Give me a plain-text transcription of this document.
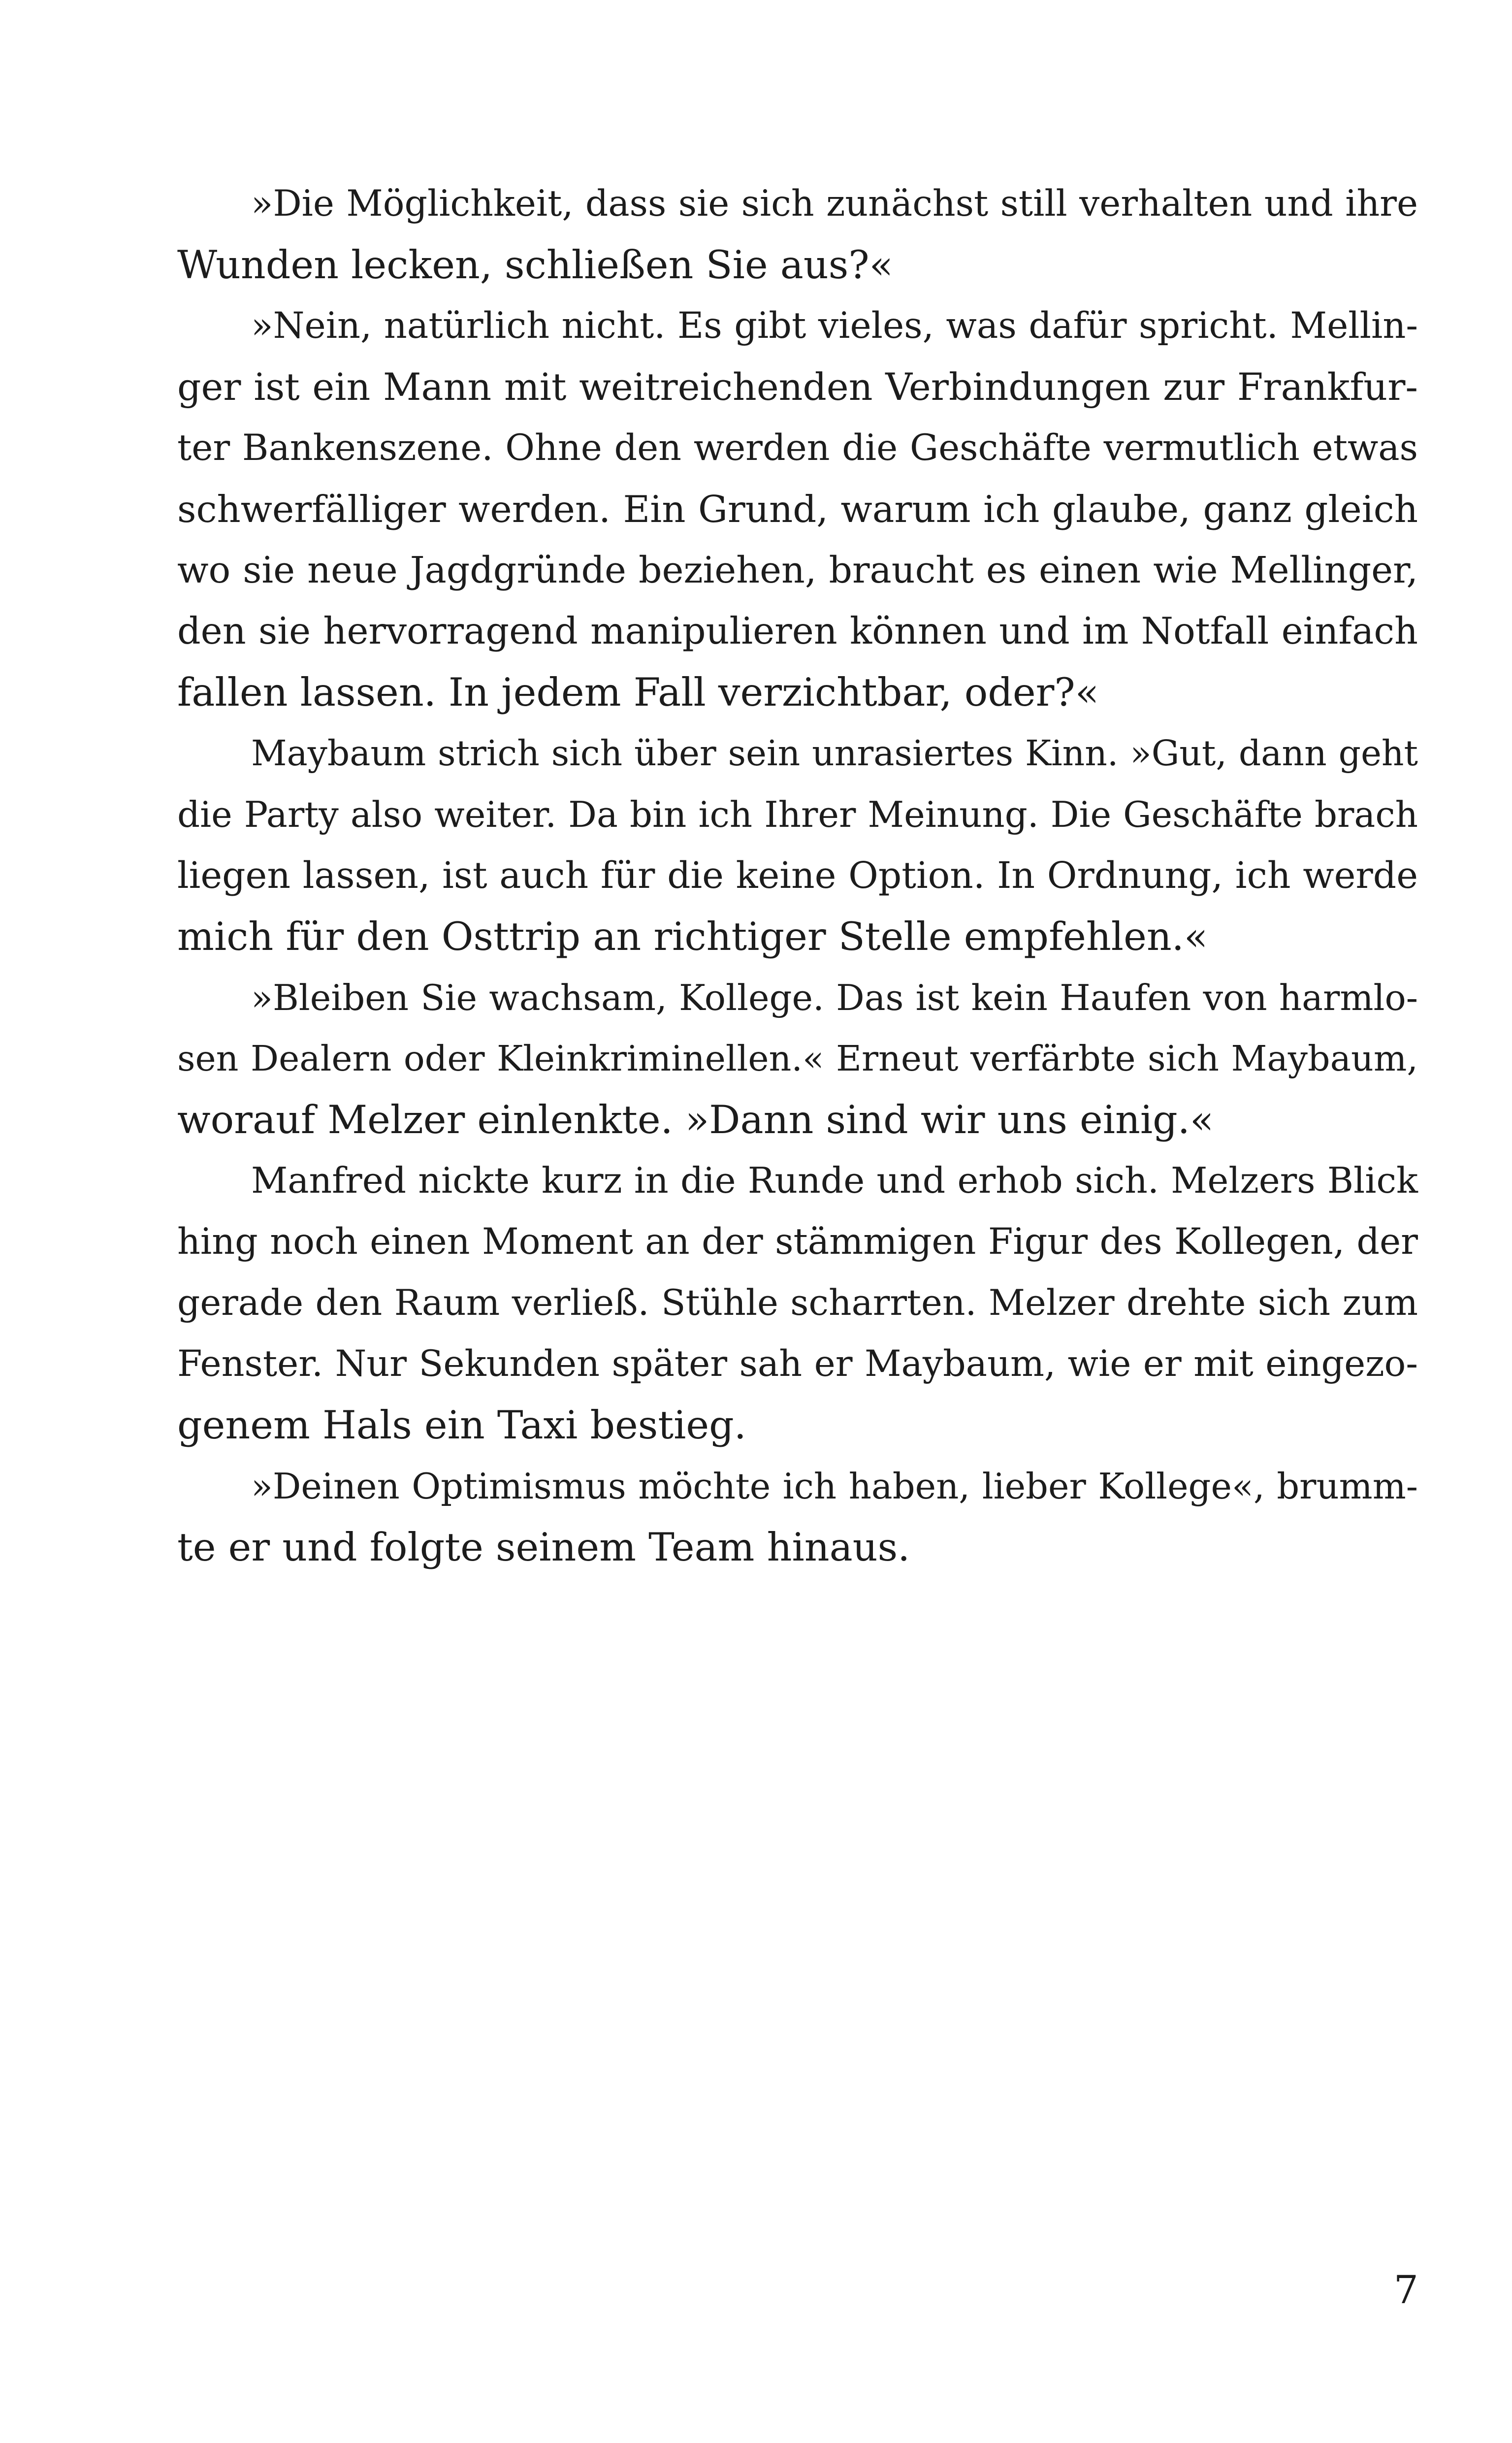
»Die Möglichkeit, dass sie sich zunächst still verhalten und ihre
Wunden lecken, schließen Sie aus?«
»Nein, natürlich nicht. Es gibt vieles, was dafür spricht. Mellin-
ger ist ein Mann mit weitreichenden Verbindungen zur Frankfur-
ter Bankenszene. Ohne den werden die Geschäfte vermutlich etwas
schwerfälliger werden. Ein Grund, warum ich glaube, ganz gleich
wo sie neue Jagdgründe beziehen, braucht es einen wie Mellinger,
den sie hervorragend manipulieren können und im Notfall einfach
fallen lassen. In jedem Fall verzichtbar, oder?«
Maybaum strich sich über sein unrasiertes Kinn. »Gut, dann geht
die Party also weiter. Da bin ich Ihrer Meinung. Die Geschäfte brach
liegen lassen, ist auch für die keine Option. In Ordnung, ich werde
mich für den Osttrip an richtiger Stelle empfehlen.«
»Bleiben Sie wachsam, Kollege. Das ist kein Haufen von harmlo-
sen Dealern oder Kleinkriminellen.« Erneut verfärbte sich Maybaum,
worauf Melzer einlenkte. »Dann sind wir uns einig.«
Manfred nickte kurz in die Runde und erhob sich. Melzers Blick
hing noch einen Moment an der stämmigen Figur des Kollegen, der
gerade den Raum verließ. Stühle scharrten. Melzer drehte sich zum
Fenster. Nur Sekunden später sah er Maybaum, wie er mit eingezo-
genem Hals ein Taxi bestieg.
»Deinen Optimismus möchte ich haben, lieber Kollege«, brumm-
te er und folgte seinem Team hinaus.
7
